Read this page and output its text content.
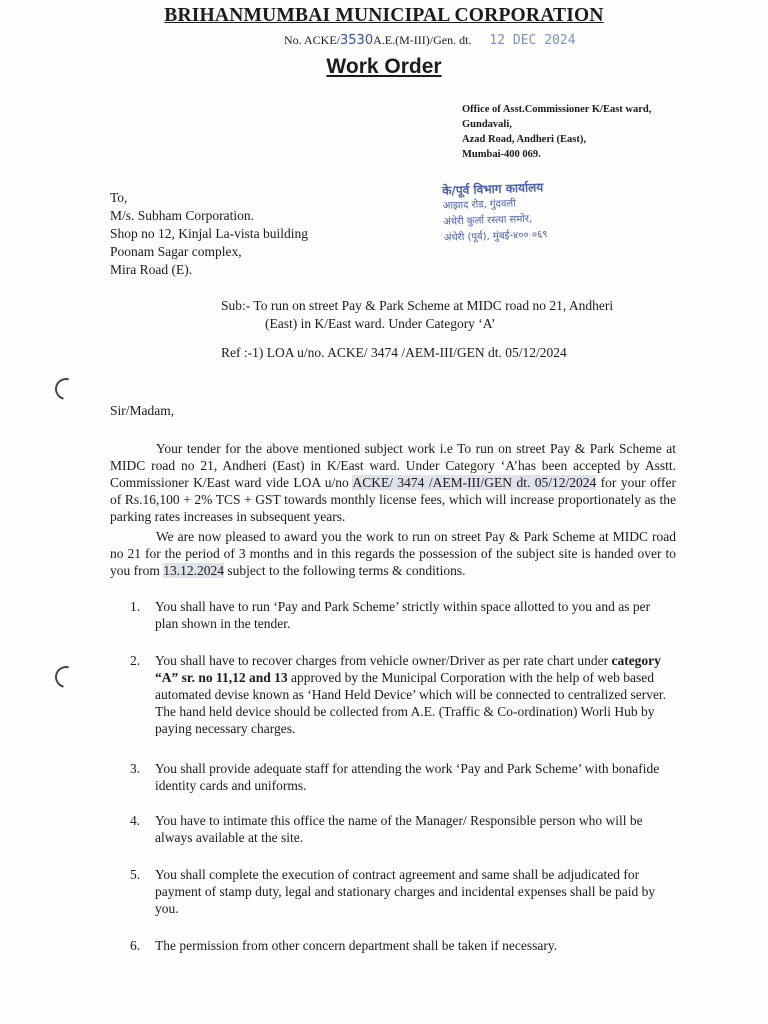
BRIHANMUMBAI MUNICIPAL CORPORATION
No. ACKE/3530A.E.(M-III)/Gen. dt. 12 DEC 2024
Work Order
Office of Asst.Commissioner K/East ward,
Gundavali,
Azad Road, Andheri (East),
Mumbai-400 069.
के/पूर्व विभाग कार्यालय
आझाद रोड, गुंदवली
अंधेरी कुर्ला रस्त्या समोर,
अंधेरी (पूर्व), मुंबई-४०० ०६९
To,
M/s. Subham Corporation.
Shop no 12, Kinjal La-vista building
Poonam Sagar complex,
Mira Road (E).
Sub:- To run on street Pay & Park Scheme at MIDC road no 21, Andheri
(East) in K/East ward. Under Category ‘A’
Ref :-1) LOA u/no. ACKE/ 3474 /AEM-III/GEN dt. 05/12/2024
Sir/Madam,
Your tender for the above mentioned subject work i.e To run on street Pay & Park Scheme at MIDC road no 21, Andheri (East) in K/East ward. Under Category ‘A’has been accepted by Asstt. Commissioner K/East ward vide LOA u/no ACKE/ 3474 /AEM-III/GEN dt. 05/12/2024 for your offer of Rs.16,100 + 2% TCS + GST towards monthly license fees, which will increase proportionately as the parking rates increases in subsequent years.
We are now pleased to award you the work to run on street Pay & Park Scheme at MIDC road no 21 for the period of 3 months and in this regards the possession of the subject site is handed over to you from 13.12.2024 subject to the following terms & conditions.
1.	You shall have to run ‘Pay and Park Scheme’ strictly within space allotted to you and as per plan shown in the tender.
2.	You shall have to recover charges from vehicle owner/Driver as per rate chart under category “A” sr. no 11,12 and 13 approved by the Municipal Corporation with the help of web based automated devise known as ‘Hand Held Device’ which will be connected to centralized server. The hand held device should be collected from A.E. (Traffic & Co-ordination) Worli Hub by paying necessary charges.
3.	You shall provide adequate staff for attending the work ‘Pay and Park Scheme’ with bonafide identity cards and uniforms.
4.	You have to intimate this office the name of the Manager/ Responsible person who will be always available at the site.
5.	You shall complete the execution of contract agreement and same shall be adjudicated for payment of stamp duty, legal and stationary charges and incidental expenses shall be paid by you.
6.	The permission from other concern department shall be taken if necessary.
